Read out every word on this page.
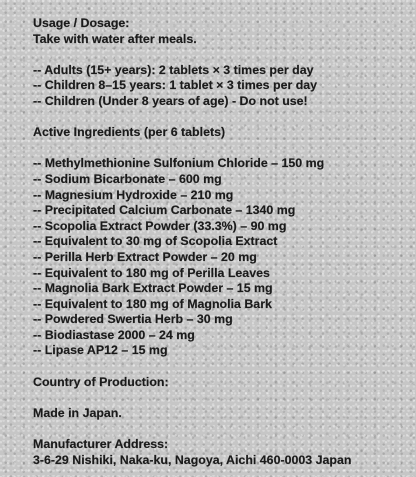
Usage / Dosage:
Take with water after meals.
-- Adults (15+ years): 2 tablets × 3 times per day
-- Children 8–15 years: 1 tablet × 3 times per day
-- Children (Under 8 years of age) - Do not use!
Active Ingredients (per 6 tablets)
-- Methylmethionine Sulfonium Chloride – 150 mg
-- Sodium Bicarbonate – 600 mg
-- Magnesium Hydroxide – 210 mg
-- Precipitated Calcium Carbonate – 1340 mg
-- Scopolia Extract Powder (33.3%) – 90 mg
-- Equivalent to 30 mg of Scopolia Extract
-- Perilla Herb Extract Powder – 20 mg
-- Equivalent to 180 mg of Perilla Leaves
-- Magnolia Bark Extract Powder – 15 mg
-- Equivalent to 180 mg of Magnolia Bark
-- Powdered Swertia Herb – 30 mg
-- Biodiastase 2000 – 24 mg
-- Lipase AP12 – 15 mg
Country of Production:
Made in Japan.
Manufacturer Address:
3-6-29 Nishiki, Naka-ku, Nagoya, Aichi 460-0003 Japan
